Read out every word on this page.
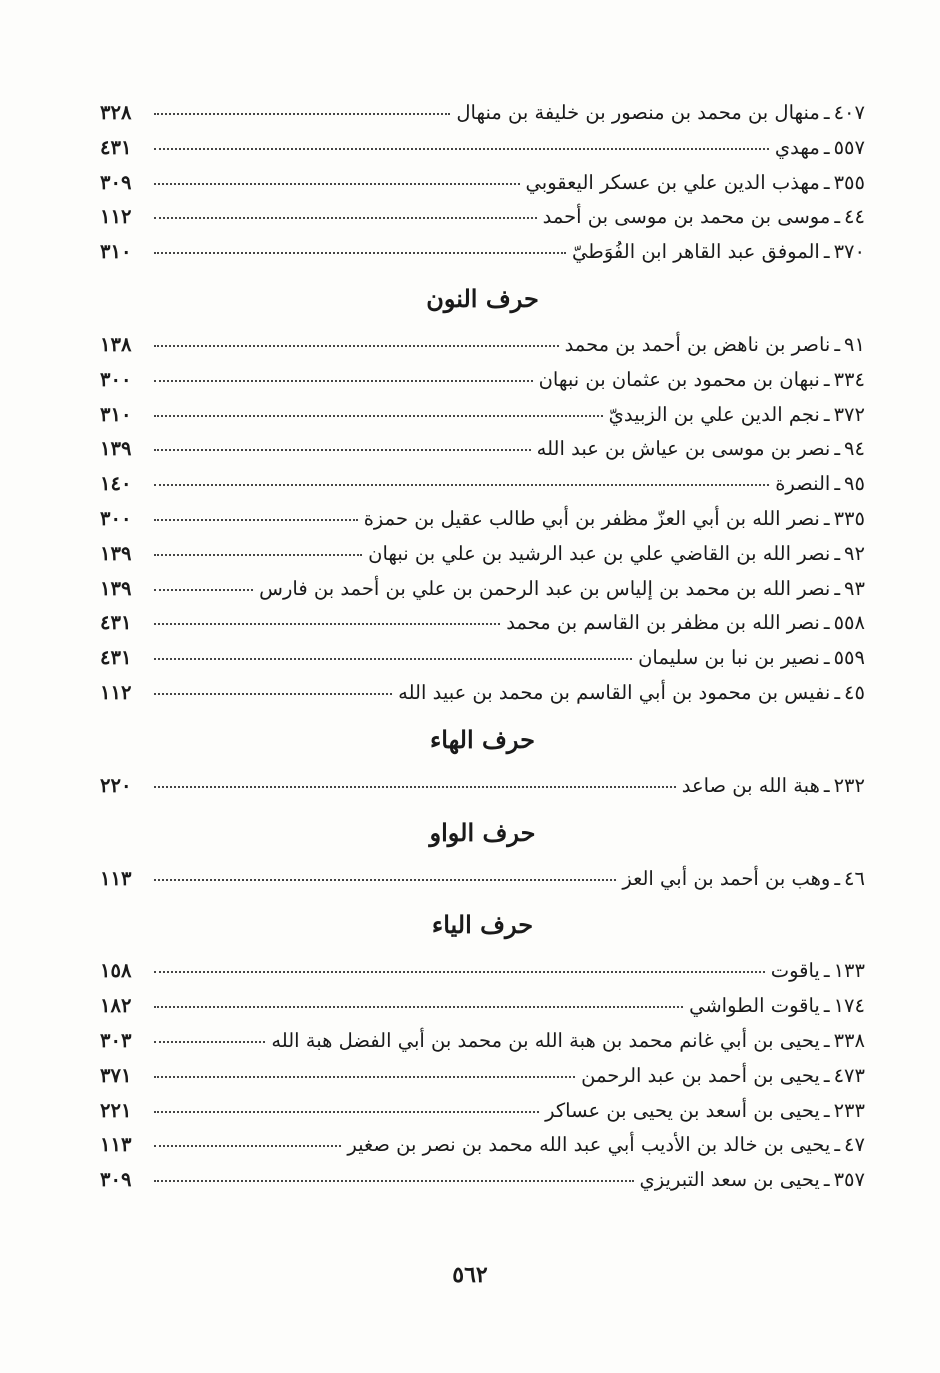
٤٠٧
ـ
منهال بن محمد بن منصور بن خليفة بن منهال
٣٢٨
٥٥٧
ـ
مهدي
٤٣١
٣٥٥
ـ
مهذب الدين علي بن عسكر اليعقوبي
٣٠٩
٤٤
ـ
موسى بن محمد بن موسى بن أحمد
١١٢
٣٧٠
ـ
الموفق عبد القاهر ابن الفُوَطيّ
٣١٠
حرف النون
٩١
ـ
ناصر بن ناهض بن أحمد بن محمد
١٣٨
٣٣٤
ـ
نبهان بن محمود بن عثمان بن نبهان
٣٠٠
٣٧٢
ـ
نجم الدين علي بن الزبيديّ
٣١٠
٩٤
ـ
نصر بن موسى بن عياش بن عبد الله
١٣٩
٩٥
ـ
النصرة
١٤٠
٣٣٥
ـ
نصر الله بن أبي العزّ مظفر بن أبي طالب عقيل بن حمزة
٣٠٠
٩٢
ـ
نصر الله بن القاضي علي بن عبد الرشيد بن علي بن نبهان
١٣٩
٩٣
ـ
نصر الله بن محمد بن إلياس بن عبد الرحمن بن علي بن أحمد بن فارس
١٣٩
٥٥٨
ـ
نصر الله بن مظفر بن القاسم بن محمد
٤٣١
٥٥٩
ـ
نصير بن نبا بن سليمان
٤٣١
٤٥
ـ
نفيس بن محمود بن أبي القاسم بن محمد بن عبيد الله
١١٢
حرف الهاء
٢٣٢
ـ
هبة الله بن صاعد
٢٢٠
حرف الواو
٤٦
ـ
وهب بن أحمد بن أبي العز
١١٣
حرف الياء
١٣٣
ـ
ياقوت
١٥٨
١٧٤
ـ
ياقوت الطواشي
١٨٢
٣٣٨
ـ
يحيى بن أبي غانم محمد بن هبة الله بن محمد بن أبي الفضل هبة الله
٣٠٣
٤٧٣
ـ
يحيى بن أحمد بن عبد الرحمن
٣٧١
٢٣٣
ـ
يحيى بن أسعد بن يحيى بن عساكر
٢٢١
٤٧
ـ
يحيى بن خالد بن الأديب أبي عبد الله محمد بن نصر بن صغير
١١٣
٣٥٧
ـ
يحيى بن سعد التبريزي
٣٠٩
٥٦٢
